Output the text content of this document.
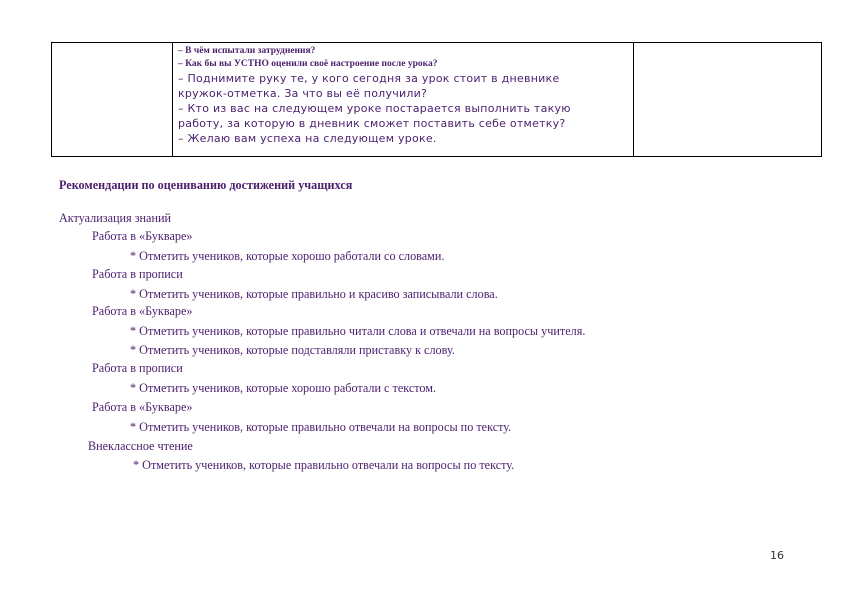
– В чём испытали затруднения?
– Как бы вы УСТНО оценили своё настроение после урока?
– Поднимите руку те, у кого сегодня за урок стоит в дневнике
кружок-отметка. За что вы её получили?
– Кто из вас на следующем уроке постарается выполнить такую
работу, за которую в дневник сможет поставить себе отметку?
– Желаю вам успеха на следующем уроке.

Рекомендации по оцениванию достижений учащихся
Актуализация знаний
Работа в «Букваре»
* Отметить учеников, которые хорошо работали со словами.
Работа в прописи
* Отметить учеников, которые правильно и красиво записывали слова.
Работа в «Букваре»
* Отметить учеников, которые правильно читали слова и отвечали на вопросы учителя.
* Отметить учеников, которые подставляли приставку к слову.
Работа в прописи
* Отметить учеников, которые хорошо работали с текстом.
Работа в «Букваре»
* Отметить учеников, которые правильно отвечали на вопросы по тексту.
Внеклассное чтение
* Отметить учеников, которые правильно отвечали на вопросы по тексту.
16
